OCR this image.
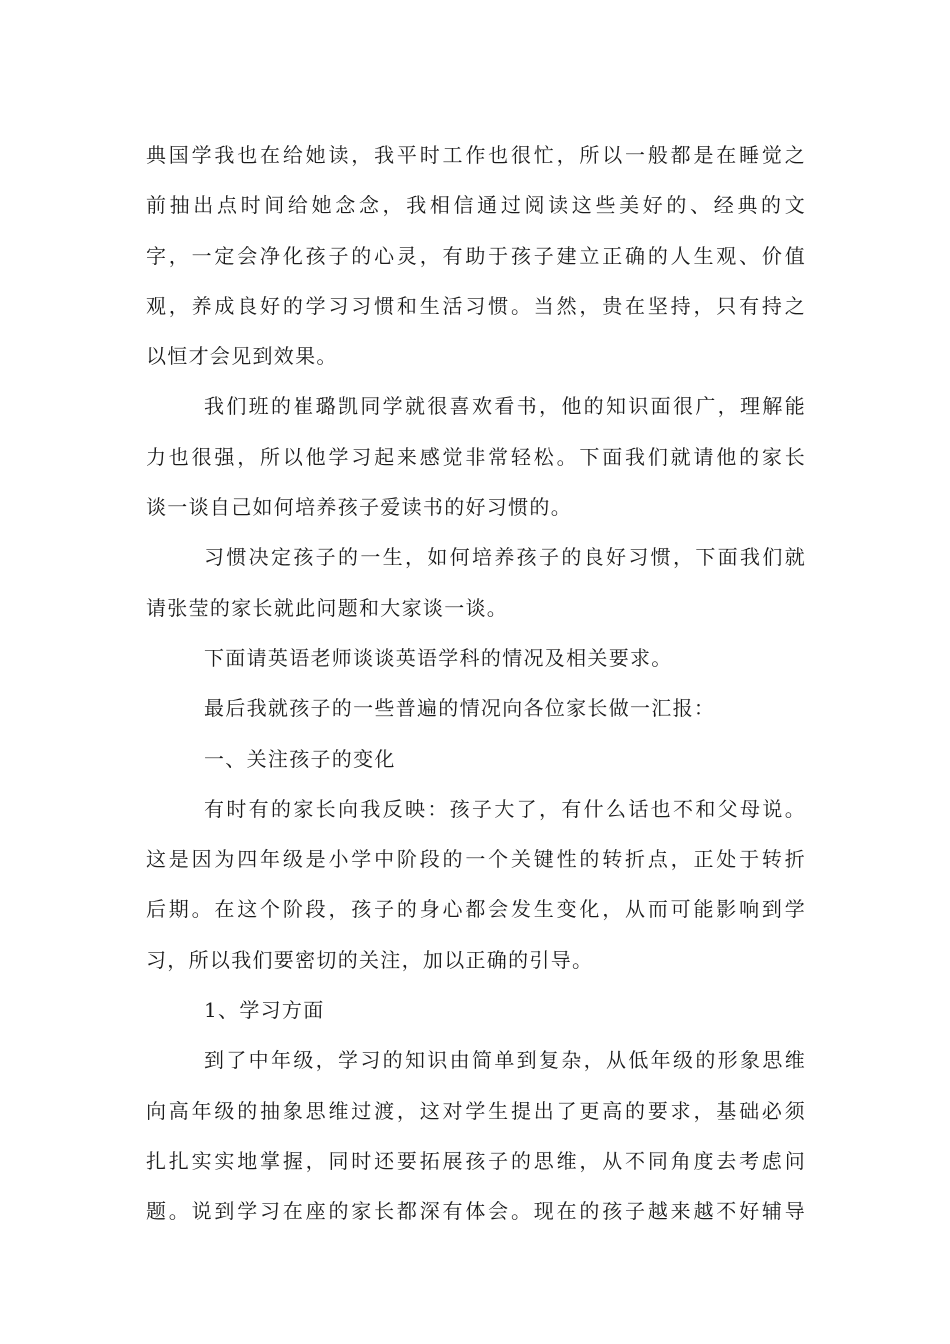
典国学我也在给她读，我平时工作也很忙，所以一般都是在睡觉之
前抽出点时间给她念念，我相信通过阅读这些美好的、经典的文
字，一定会净化孩子的心灵，有助于孩子建立正确的人生观、价值
观，养成良好的学习习惯和生活习惯。当然，贵在坚持，只有持之
以恒才会见到效果。
我们班的崔璐凯同学就很喜欢看书，他的知识面很广，理解能
力也很强，所以他学习起来感觉非常轻松。下面我们就请他的家长
谈一谈自己如何培养孩子爱读书的好习惯的。
习惯决定孩子的一生，如何培养孩子的良好习惯，下面我们就
请张莹的家长就此问题和大家谈一谈。
下面请英语老师谈谈英语学科的情况及相关要求。
最后我就孩子的一些普遍的情况向各位家长做一汇报：
一、关注孩子的变化
有时有的家长向我反映：孩子大了，有什么话也不和父母说。
这是因为四年级是小学中阶段的一个关键性的转折点，正处于转折
后期。在这个阶段，孩子的身心都会发生变化，从而可能影响到学
习，所以我们要密切的关注，加以正确的引导。
1、学习方面
到了中年级，学习的知识由简单到复杂，从低年级的形象思维
向高年级的抽象思维过渡，这对学生提出了更高的要求，基础必须
扎扎实实地掌握，同时还要拓展孩子的思维，从不同角度去考虑问
题。说到学习在座的家长都深有体会。现在的孩子越来越不好辅导
